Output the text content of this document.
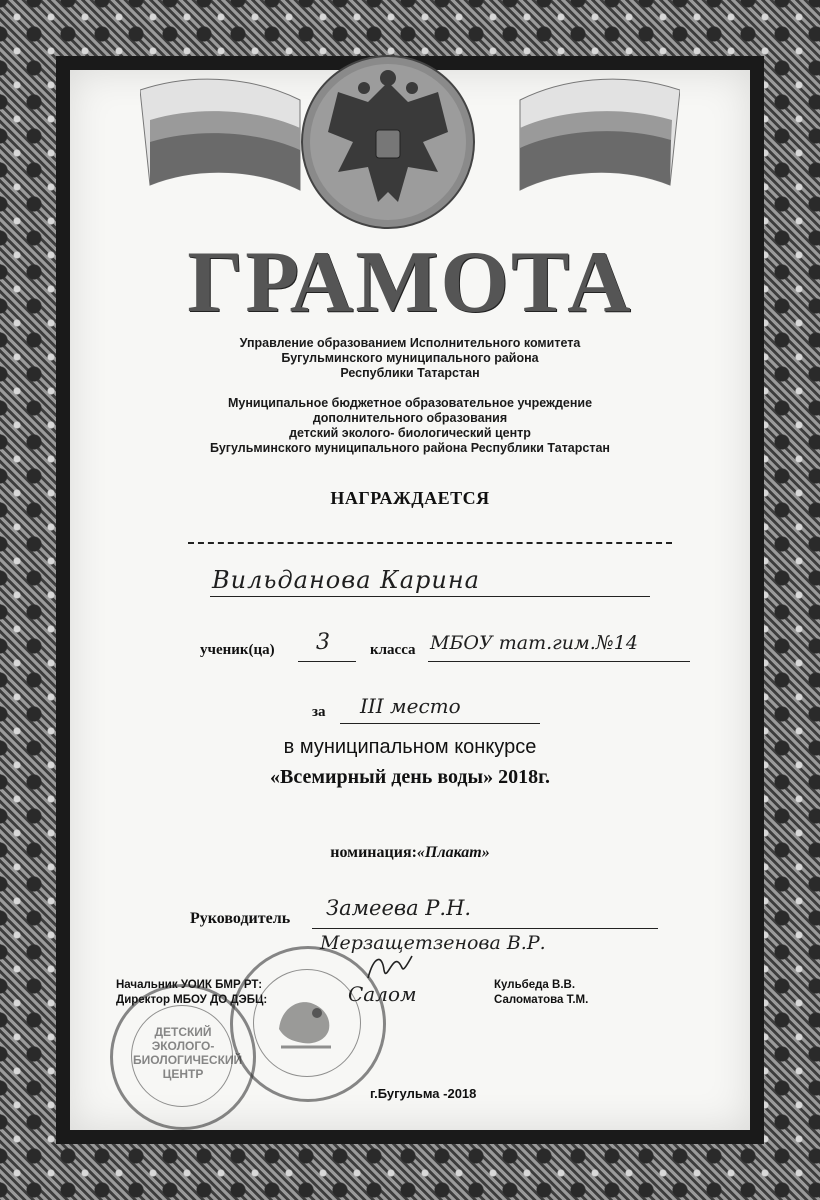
ГРАМОТА
Управление образованием Исполнительного комитета
Бугульминского муниципального района
Республики Татарстан
Муниципальное бюджетное образовательное учреждение
дополнительного образования
детский эколого- биологический центр
Бугульминского муниципального района Республики Татарстан
НАГРАЖДАЕТСЯ
Вильданова Карина
ученик(ца) 3	класса МБОУ тат.гим.№14
за III место
в муниципальном конкурсе
«Всемирный день воды» 2018г.
номинация:«Плакат»
Руководитель Замеева Р.Н.
Мерзащетзенова В.Р.
Начальник УОИК БМР РТ:
Директор МБОУ ДО ДЭБЦ:
Кульбеда В.В.
Саломатова Т.М.
Салом
ДЕТСКИЙ
ЭКОЛОГО-
БИОЛОГИЧЕСКИЙ
ЦЕНТР
г.Бугульма -2018
